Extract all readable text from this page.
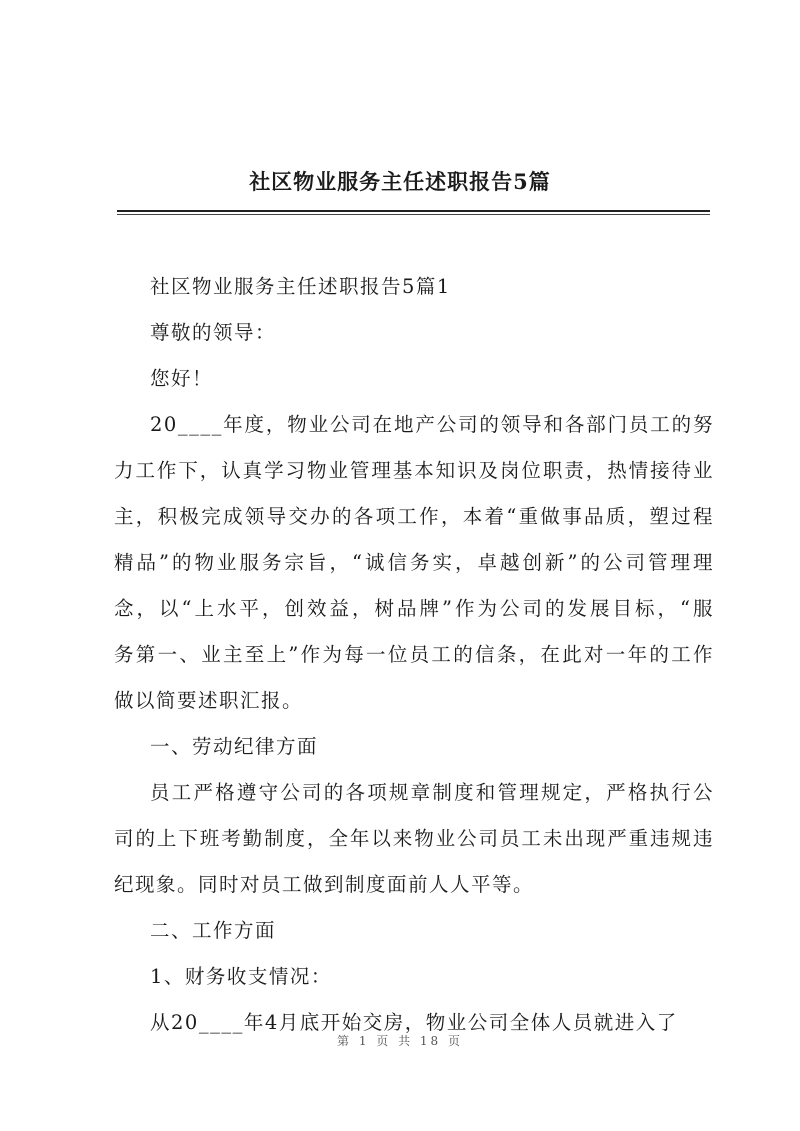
社区物业服务主任述职报告5篇
社区物业服务主任述职报告5篇1
尊敬的领导：
您好！
20____年度，物业公司在地产公司的领导和各部门员工的努
力工作下，认真学习物业管理基本知识及岗位职责，热情接待业
主，积极完成领导交办的各项工作，本着“重做事品质，塑过程
精品”的物业服务宗旨，“诚信务实，卓越创新”的公司管理理
念，以“上水平，创效益，树品牌”作为公司的发展目标，“服
务第一、业主至上”作为每一位员工的信条，在此对一年的工作
做以简要述职汇报。
一、劳动纪律方面
员工严格遵守公司的各项规章制度和管理规定，严格执行公
司的上下班考勤制度，全年以来物业公司员工未出现严重违规违
纪现象。同时对员工做到制度面前人人平等。
二、工作方面
1、财务收支情况：
从20____年4月底开始交房，物业公司全体人员就进入了
第 1 页 共 18 页
